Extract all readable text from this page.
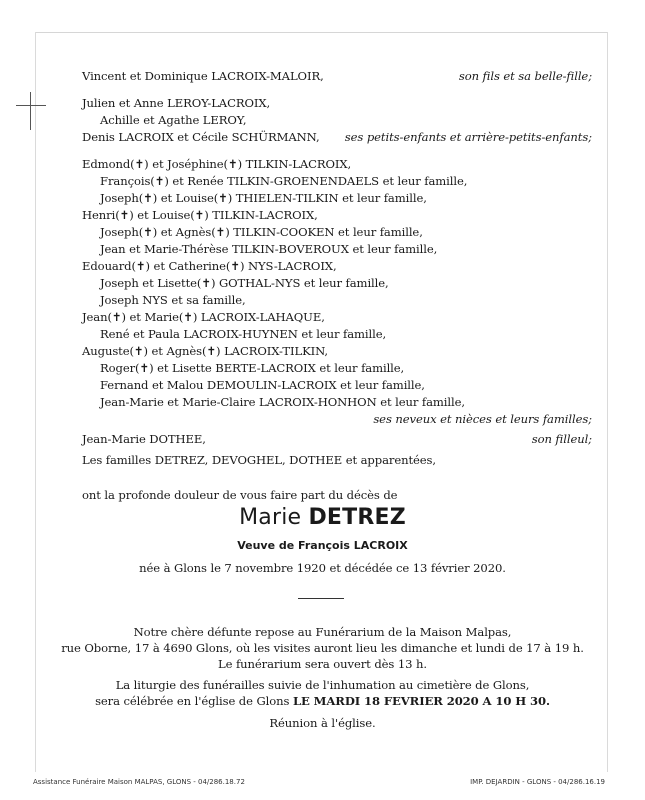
Vincent et Dominique LACROIX-MALOIR,	son fils et sa belle-fille;
Julien et Anne LEROY-LACROIX,
Achille et Agathe LEROY,
Denis LACROIX et Cécile SCHÜRMANN, ses petits-enfants et arrière-petits-enfants;
Edmond(✝) et Joséphine(✝) TILKIN-LACROIX,
François(✝) et Renée TILKIN-GROENENDAELS et leur famille,
Joseph(✝) et Louise(✝) THIELEN-TILKIN et leur famille,
Henri(✝) et Louise(✝) TILKIN-LACROIX,
Joseph(✝) et Agnès(✝) TILKIN-COOKEN et leur famille,
Jean et Marie-Thérèse TILKIN-BOVEROUX et leur famille,
Edouard(✝) et Catherine(✝) NYS-LACROIX,
Joseph et Lisette(✝) GOTHAL-NYS et leur famille,
Joseph NYS et sa famille,
Jean(✝) et Marie(✝) LACROIX-LAHAQUE,
René et Paula LACROIX-HUYNEN et leur famille,
Auguste(✝) et Agnès(✝) LACROIX-TILKIN,
Roger(✝) et Lisette BERTE-LACROIX et leur famille,
Fernand et Malou DEMOULIN-LACROIX et leur famille,
Jean-Marie et Marie-Claire LACROIX-HONHON et leur famille,
ses neveux et nièces et leurs familles;
Jean-Marie DOTHEE,	son filleul;
Les familles DETREZ, DEVOGHEL, DOTHEE et apparentées,
ont la profonde douleur de vous faire part du décès de
Marie DETREZ
Veuve de François LACROIX
née à Glons le 7 novembre 1920 et décédée ce 13 février 2020.
Notre chère défunte repose au Funérarium de la Maison Malpas,
rue Oborne, 17 à 4690 Glons, où les visites auront lieu les dimanche et lundi de 17 à 19 h.
Le funérarium sera ouvert dès 13 h.
La liturgie des funérailles suivie de l'inhumation au cimetière de Glons,
sera célébrée en l'église de Glons LE MARDI 18 FEVRIER 2020 A 10 H 30.
Réunion à l'église.
Assistance Funéraire Maison MALPAS, GLONS - 04/286.18.72	IMP. DEJARDIN - GLONS - 04/286.16.19
